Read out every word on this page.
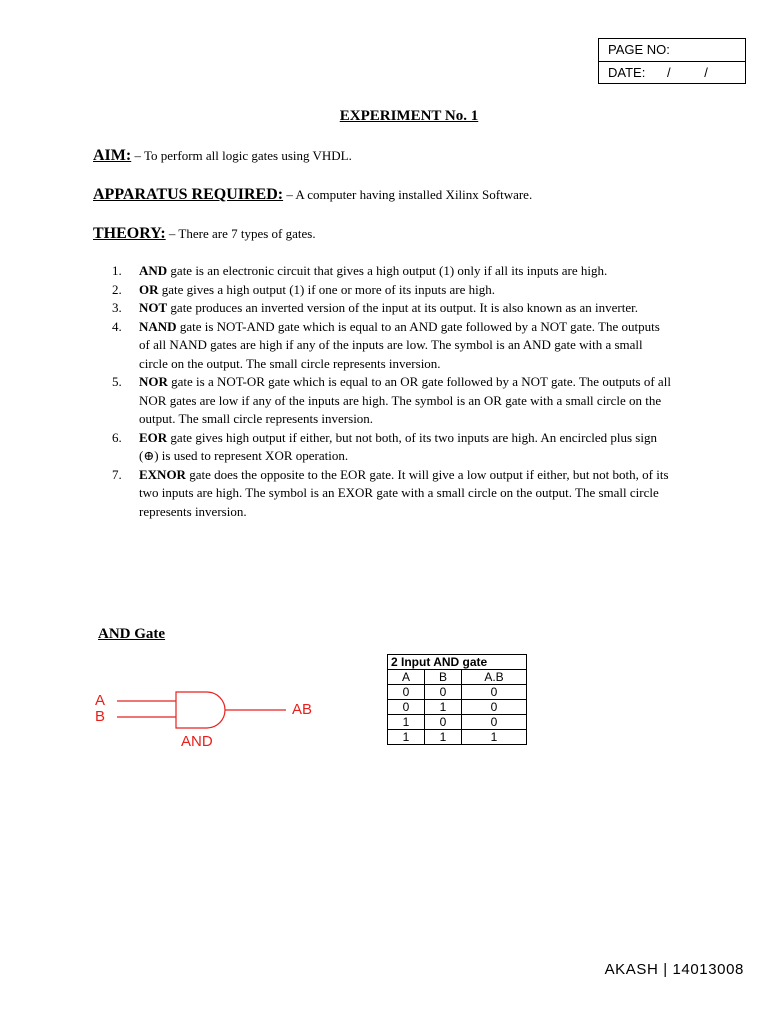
PAGE NO:
DATE: /	/
EXPERIMENT No. 1
AIM: – To perform all logic gates using VHDL.
APPARATUS REQUIRED: – A computer having installed Xilinx Software.
THEORY: – There are 7 types of gates.
1. AND gate is an electronic circuit that gives a high output (1) only if all its inputs are high.
2. OR gate gives a high output (1) if one or more of its inputs are high.
3. NOT gate produces an inverted version of the input at its output. It is also known as an inverter.
4. NAND gate is NOT-AND gate which is equal to an AND gate followed by a NOT gate. The outputs of all NAND gates are high if any of the inputs are low. The symbol is an AND gate with a small circle on the output. The small circle represents inversion.
5. NOR gate is a NOT-OR gate which is equal to an OR gate followed by a NOT gate. The outputs of all NOR gates are low if any of the inputs are high. The symbol is an OR gate with a small circle on the output. The small circle represents inversion.
6. EOR gate gives high output if either, but not both, of its two inputs are high. An encircled plus sign (⊕) is used to represent XOR operation.
7. EXNOR gate does the opposite to the EOR gate. It will give a low output if either, but not both, of its two inputs are high. The symbol is an EXOR gate with a small circle on the output. The small circle represents inversion.
AND Gate
A
B	AB
AND
2 Input AND gate		
A	B	A.B
0	0	0
0	1	0
1	0	0
1	1	1
AKASH | 14013008
